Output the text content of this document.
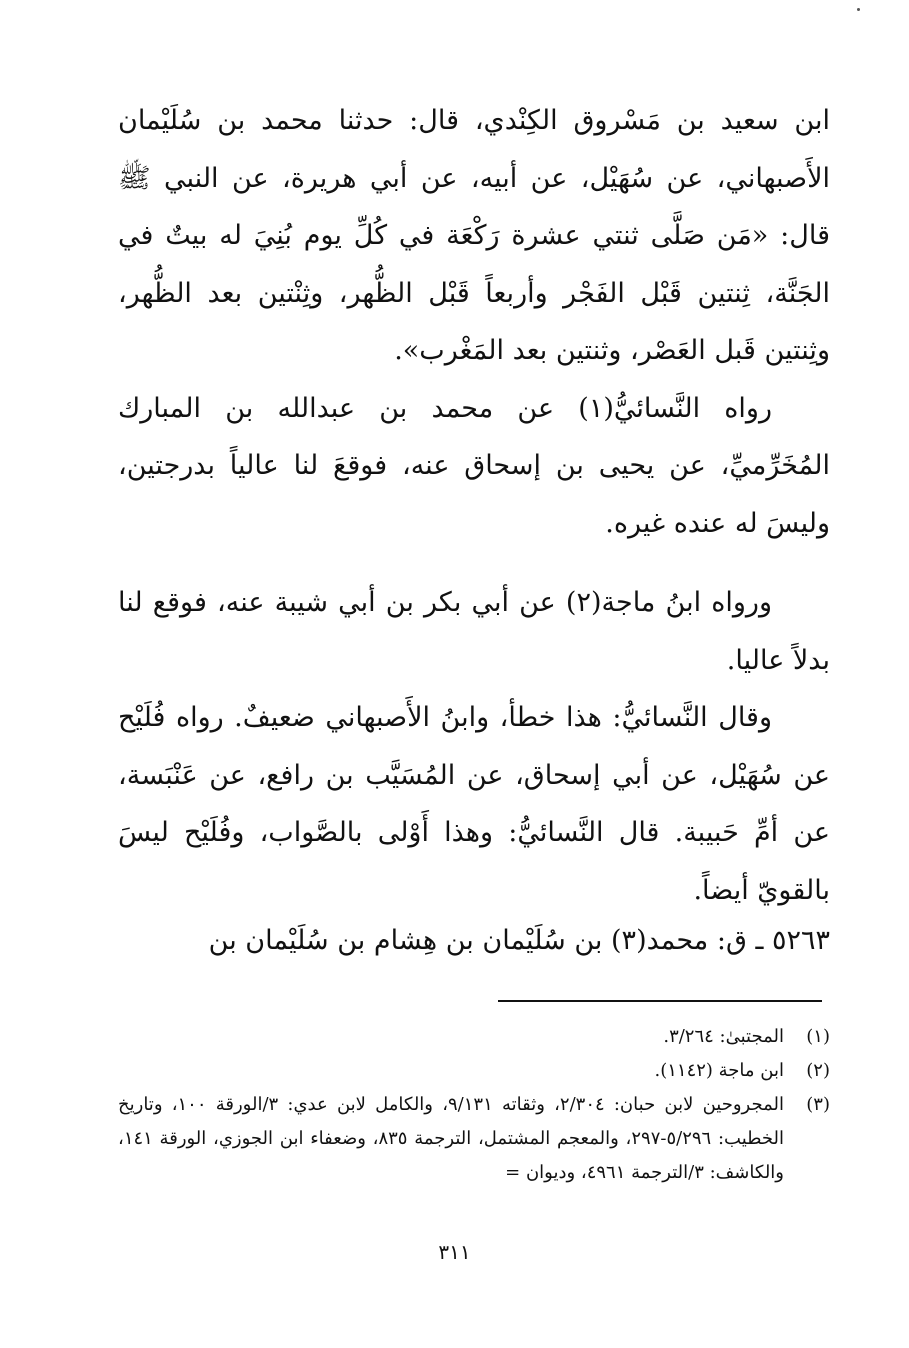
ابن سعيد بن مَسْروق الكِنْدي، قال: حدثنا محمد بن سُلَيْمان الأَصبهاني، عن سُهَيْل، عن أبيه، عن أبي هريرة، عن النبي ﷺ قال: «مَن صَلَّى ثنتي عشرة رَكْعَة في كُلِّ يوم بُنِيَ له بيتٌ في الجَنَّة، ثِنتين قَبْل الفَجْر وأربعاً قَبْل الظُّهر، وثِنْتين بعد الظُّهر، وثِنتين قَبل العَصْر، وثنتين بعد المَغْرب».

رواه النَّسائيُّ(١) عن محمد بن عبدالله بن المبارك المُخَرِّميِّ، عن يحيى بن إسحاق عنه، فوقعَ لنا عالياً بدرجتين، وليسَ له عنده غيره.

ورواه ابنُ ماجة(٢) عن أبي بكر بن أبي شيبة عنه، فوقع لنا بدلاً عاليا.

وقال النَّسائيُّ: هذا خطأ، وابنُ الأَصبهاني ضعيفٌ. رواه فُلَيْح عن سُهَيْل، عن أبي إسحاق، عن المُسَيَّب بن رافع، عن عَنْبَسة، عن أمِّ حَبيبة. قال النَّسائيُّ: وهذا أَوْلى بالصَّواب، وفُلَيْح ليسَ بالقويّ أيضاً.

٥٢٦٣ ـ ق: محمد(٣) بن سُلَيْمان بن هِشام بن سُلَيْمان بن
(١)
المجتبىٰ: ٣/٢٦٤.
(٢)
ابن ماجة (١١٤٢).
(٣)
المجروحين لابن حبان: ٢/٣٠٤، وثقاته ٩/١٣١، والكامل لابن عدي: ٣/الورقة ١٠٠، وتاريخ الخطيب: ٥/٢٩٦-٢٩٧، والمعجم المشتمل، الترجمة ٨٣٥، وضعفاء ابن الجوزي، الورقة ١٤١، والكاشف: ٣/الترجمة ٤٩٦١، وديوان =
٣١١
